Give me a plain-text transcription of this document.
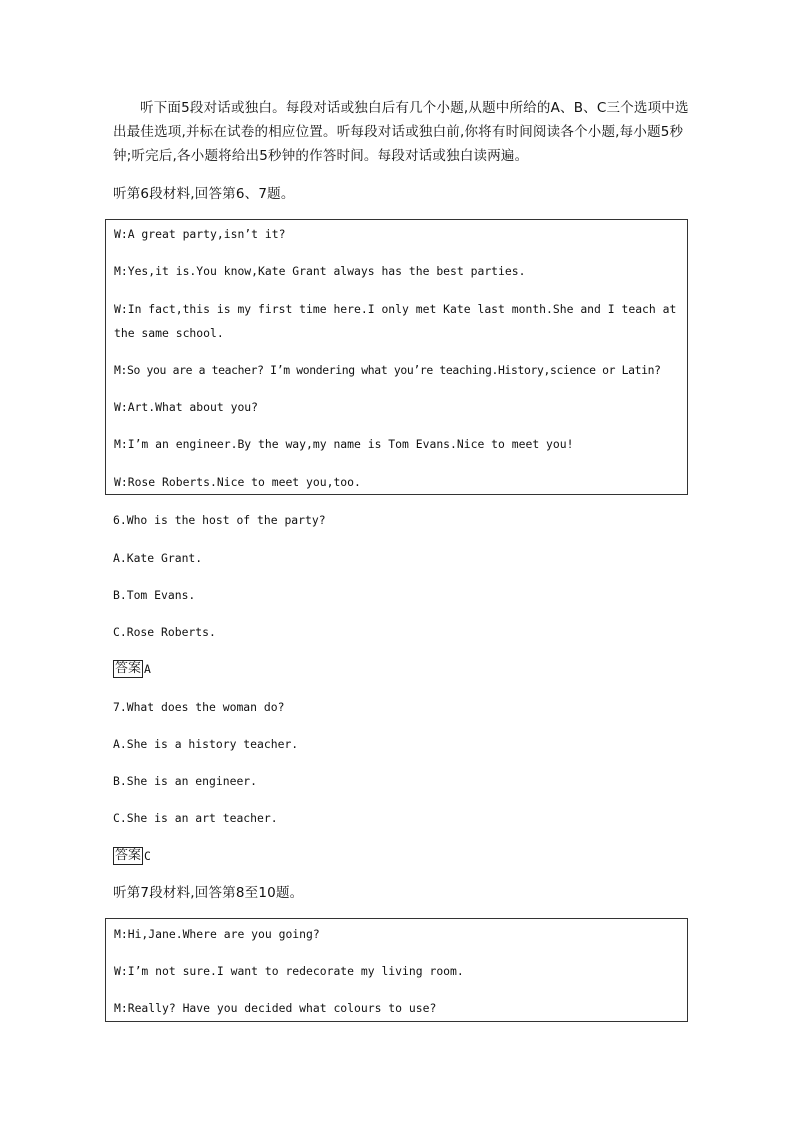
听下面5段对话或独白。每段对话或独白后有几个小题,从题中所给的A、B、C三个选项中选出最佳选项,并标在试卷的相应位置。听每段对话或独白前,你将有时间阅读各个小题,每小题5秒钟;听完后,各小题将给出5秒钟的作答时间。每段对话或独白读两遍。
听第6段材料,回答第6、7题。
W:A great party,isn’t it?
M:Yes,it is.You know,Kate Grant always has the best parties.
W:In fact,this is my first time here.I only met Kate last month.She and I teach at the same school.
M:So you are a teacher? I’m wondering what you’re teaching.History,science or Latin?
W:Art.What about you?
M:I’m an engineer.By the way,my name is Tom Evans.Nice to meet you!
W:Rose Roberts.Nice to meet you,too.
6.Who is the host of the party?
A.Kate Grant.
B.Tom Evans.
C.Rose Roberts.
答案 A
7.What does the woman do?
A.She is a history teacher.
B.She is an engineer.
C.She is an art teacher.
答案 C
听第7段材料,回答第8至10题。
M:Hi,Jane.Where are you going?
W:I’m not sure.I want to redecorate my living room.
M:Really? Have you decided what colours to use?
